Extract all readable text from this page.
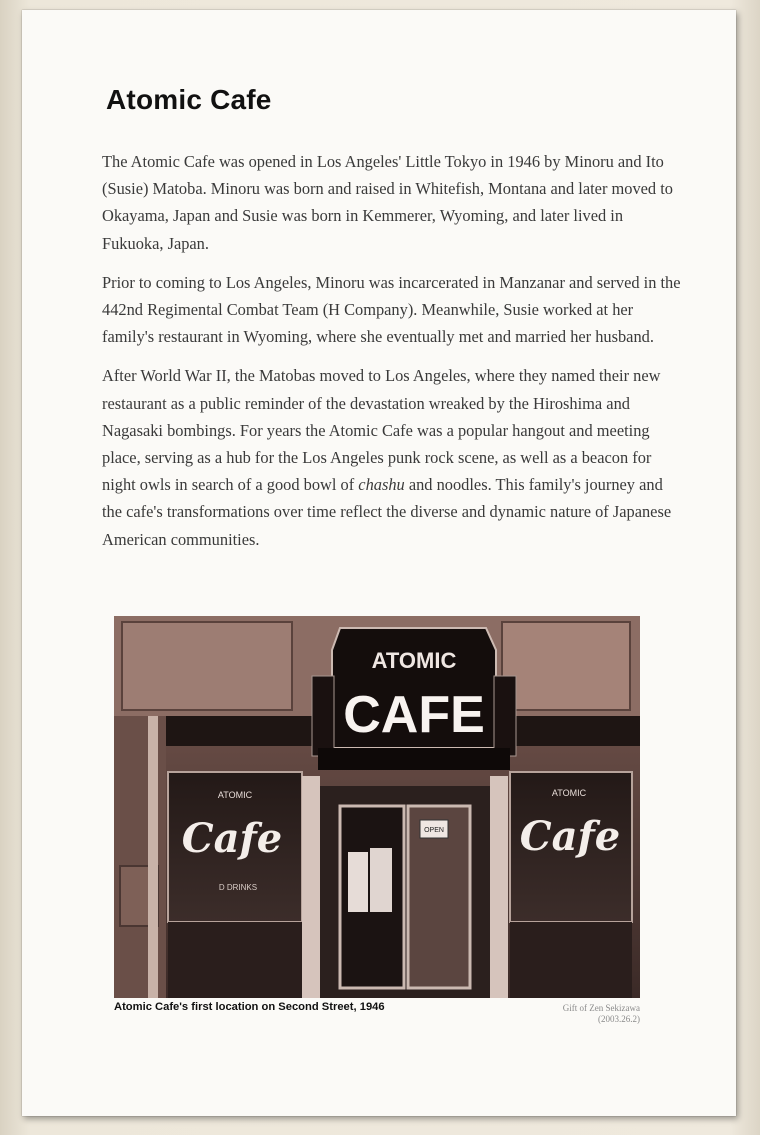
Atomic Cafe

The Atomic Cafe was opened in Los Angeles' Little Tokyo in 1946 by Minoru and Ito (Susie) Matoba. Minoru was born and raised in Whitefish, Montana and later moved to Okayama, Japan and Susie was born in Kemmerer, Wyoming, and later lived in Fukuoka, Japan.

Prior to coming to Los Angeles, Minoru was incarcerated in Manzanar and served in the 442nd Regimental Combat Team (H Company). Meanwhile, Susie worked at her family's restaurant in Wyoming, where she eventually met and married her husband.

After World War II, the Matobas moved to Los Angeles, where they named their new restaurant as a public reminder of the devastation wreaked by the Hiroshima and Nagasaki bombings. For years the Atomic Cafe was a popular hangout and meeting place, serving as a hub for the Los Angeles punk rock scene, as well as a beacon for night owls in search of a good bowl of chashu and noodles. This family's journey and the cafe's transformations over time reflect the diverse and dynamic nature of Japanese American communities.

ATOMIC
Cafe
D DRINKS
OPEN
ATOMIC
Cafe
ATOMIC
CAFE
Atomic Cafe's first location on Second Street, 1946	Gift of Zen Sekizawa
(2003.26.2)
